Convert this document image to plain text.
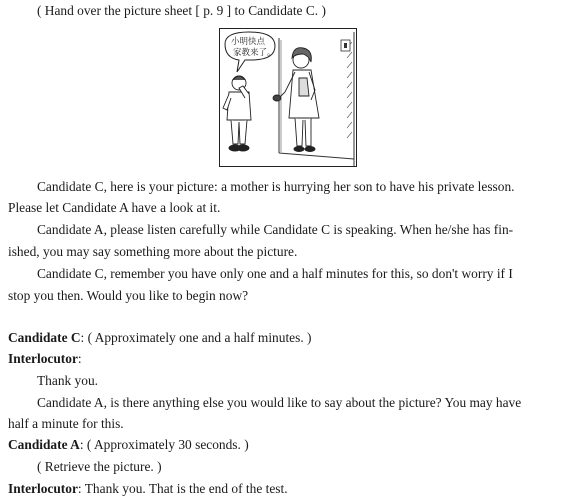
( Hand over the picture sheet [ p. 9 ] to Candidate C. )
小明快点
家教来了。
Candidate C, here is your picture: a mother is hurrying her son to have his private lesson.
Please let Candidate A have a look at it.
Candidate A, please listen carefully while Candidate C is speaking. When he/she has fin-
ished, you may say something more about the picture.
Candidate C, remember you have only one and a half minutes for this, so don't worry if I
stop you then. Would you like to begin now?
Candidate C: ( Approximately one and a half minutes. )
Interlocutor:
Thank you.
Candidate A, is there anything else you would like to say about the picture? You may have
half a minute for this.
Candidate A: ( Approximately 30 seconds. )
( Retrieve the picture. )
Interlocutor: Thank you. That is the end of the test.
